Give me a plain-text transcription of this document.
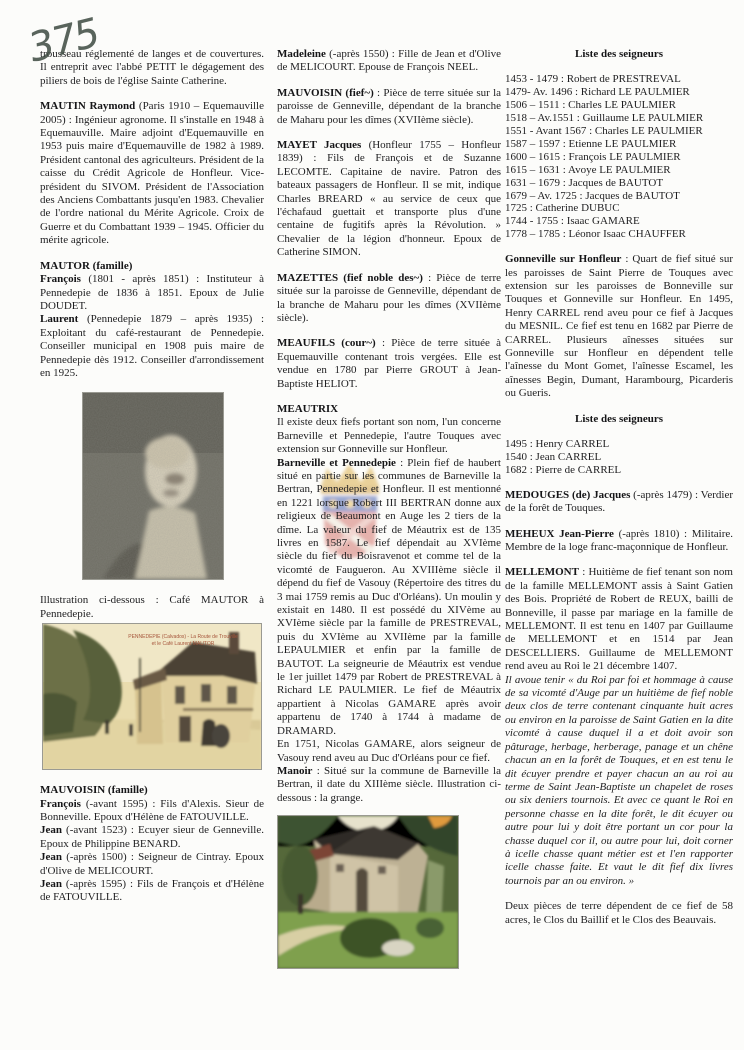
375

trousseau réglementé de langes et de couvertures. Il entreprit avec l'abbé PETIT le dégagement des piliers de bois de l'église Sainte Catherine.

MAUTIN Raymond (Paris 1910 – Equemauville 2005) : Ingénieur agronome. Il s'installe en 1948 à Equemauville. Maire adjoint d'Equemauville en 1953 puis maire d'Equemauville de 1982 à 1989. Président cantonal des agriculteurs. Président de la caisse du Crédit Agricole de Honfleur. Vice-président du SIVOM. Président de l'Association des Anciens Combattants jusqu'en 1983. Chevalier de l'ordre national du Mérite Agricole. Croix de Guerre et du Combattant 1939 – 1945. Officier du mérite agricole.

MAUTOR (famille)

François (1801 - après 1851) : Instituteur à Pennedepie de 1836 à 1851. Epoux de Julie DOUDET.

Laurent (Pennedepie 1879 – après 1935) : Exploitant du café-restaurant de Pennedepie. Conseiller municipal en 1908 puis maire de Pennedepie dès 1912. Conseiller d'arrondissement en 1925.

Illustration ci-dessous : Café MAUTOR à Pennedepie.

PENNEDEPIE (Calvados) - La Route de Trouville
et le Café Laurent MAUTOR

MAUVOISIN (famille)

François (-avant 1595) : Fils d'Alexis. Sieur de Bonneville. Epoux d'Hélène de FATOUVILLE.

Jean (-avant 1523) : Ecuyer sieur de Genneville. Epoux de Philippine BENARD.

Jean (-après 1500) : Seigneur de Cintray. Epoux d'Olive de MELICOURT.

Jean (-après 1595) : Fils de François et d'Hélène de FATOUVILLE.

Madeleine (-après 1550) : Fille de Jean et d'Olive de MELICOURT. Epouse de François NEEL.

MAUVOISIN (fief~) : Pièce de terre située sur la paroisse de Genneville, dépendant de la branche de Maharu pour les dîmes (XVIIème siècle).

MAYET Jacques (Honfleur 1755 – Honfleur 1839) : Fils de François et de Suzanne LECOMTE. Capitaine de navire. Patron des bateaux passagers de Honfleur. Il se mit, indique Charles BREARD « au service de ceux que l'échafaud guettait et transporte plus d'une centaine de fugitifs après la Révolution. » Chevalier de la légion d'honneur. Epoux de Catherine SIMON.

MAZETTES (fief noble des~) : Pièce de terre située sur la paroisse de Genneville, dépendant de la branche de Maharu pour les dîmes (XVIIème siècle).

MEAUFILS (cour~) : Pièce de terre située à Equemauville contenant trois vergées. Elle est vendue en 1780 par Pierre GROUT à Jean-Baptiste HELIOT.

MEAUTRIX

Il existe deux fiefs portant son nom, l'un concerne Barneville et Pennedepie, l'autre Touques avec extension sur Gonneville sur Honfleur.

Barneville et Pennedepie : Plein fief de haubert situé en partie sur les communes de Barneville la Bertran, Pennedepie et Honfleur. Il est mentionné en 1221 lorsque Robert III BERTRAN donne aux religieux de Beaumont en Auge les 2 tiers de la dîme. La valeur du fief de Méautrix est de 135 livres en 1587. Le fief dépendait au XVIème siècle du fief du Boisravenot et comme tel de la vicomté de Faugueron. Au XVIIIème siècle il dépend du fief de Vasouy (Répertoire des titres du 3 mai 1759 remis au Duc d'Orléans). Un moulin y existait en 1480. Il est possédé du XIVème au XVIème siècle par la famille de PRESTREVAL, puis du XVIème au XVIIème par la famille LEPAULMIER et enfin par la famille de BAUTOT. La seigneurie de Méautrix est vendue le 1er juillet 1479 par Robert de PRESTREVAL à Richard LE PAULMIER. Le fief de Méautrix appartient à Nicolas GAMARE après avoir appartenu de 1740 à 1744 à madame de DRAMARD.

En 1751, Nicolas GAMARE, alors seigneur de Vasouy rend aveu au Duc d'Orléans pour ce fief.

Manoir : Situé sur la commune de Barneville la Bertran, il date du XIIIème siècle. Illustration ci-dessous : la grange.

Liste des seigneurs

1453 - 1479 : Robert de PRESTREVAL
1479- Av. 1496 : Richard LE PAULMIER
1506 – 1511 : Charles LE PAULMIER
1518 – Av.1551 : Guillaume LE PAULMIER
1551 - Avant 1567 : Charles LE PAULMIER
1587 – 1597 : Etienne LE PAULMIER
1600 – 1615 : François LE PAULMIER
1615 – 1631 : Avoye LE PAULMIER
1631 – 1679 : Jacques de BAUTOT
1679 – Av. 1725 : Jacques de BAUTOT
1725 : Catherine DUBUC
1744 - 1755 : Isaac GAMARE
1778 – 1785 : Léonor Isaac CHAUFFER

Gonneville sur Honfleur : Quart de fief situé sur les paroisses de Saint Pierre de Touques avec extension sur les paroisses de Bonneville sur Touques et Gonneville sur Honfleur. En 1495, Henry CARREL rend aveu pour ce fief à Jacques du MESNIL. Ce fief est tenu en 1682 par Pierre de CARREL. Plusieurs aînesses situées sur Gonneville sur Honfleur en dépendent telle l'aînesse du Mont Gomet, l'aînesse Escamel, les aînesses Begin, Dumant, Harambourg, Picarderis ou Gueris.

Liste des seigneurs

1495 : Henry CARREL
1540 : Jean CARREL
1682 : Pierre de CARREL

MEDOUGES (de) Jacques (-après 1479) : Verdier de la forêt de Touques.

MEHEUX Jean-Pierre (-après 1810) : Militaire. Membre de la loge franc-maçonnique de Honfleur.

MELLEMONT : Huitième de fief tenant son nom de la famille MELLEMONT assis à Saint Gatien des Bois. Propriété de Robert de REUX, bailli de Bonneville, il passe par mariage en la famille de MELLEMONT. Il est tenu en 1407 par Guillaume de MELLEMONT et en 1514 par Jean DESCELLIERS. Guillaume de MELLEMONT rend aveu au Roi le 21 décembre 1407.

Il avoue tenir « du Roi par foi et hommage à cause de sa vicomté d'Auge par un huitième de fief noble deux clos de terre contenant cinquante huit acres ou environ en la paroisse de Saint Gatien en la dite vicomté à cause duquel il a et doit avoir son pâturage, herbage, herberage, panage et un chêne chacun an en la forêt de Touques, et en est tenu le dit écuyer prendre et payer chacun an au roi au terme de Saint Jean-Baptiste un chapelet de roses ou six deniers tournois. Et avec ce quant le Roi en personne chasse en la dite forêt, le dit écuyer ou autre pour lui y doit être portant un cor pour la chasse duquel cor il, ou autre pour lui, doit corner à icelle chasse quant métier est et l'en rapporter icelle chasse faite. Et vaut le dit fief dix livres tournois par an ou environ. »

Deux pièces de terre dépendent de ce fief de 58 acres, le Clos du Baillif et le Clos des Beauvais.
